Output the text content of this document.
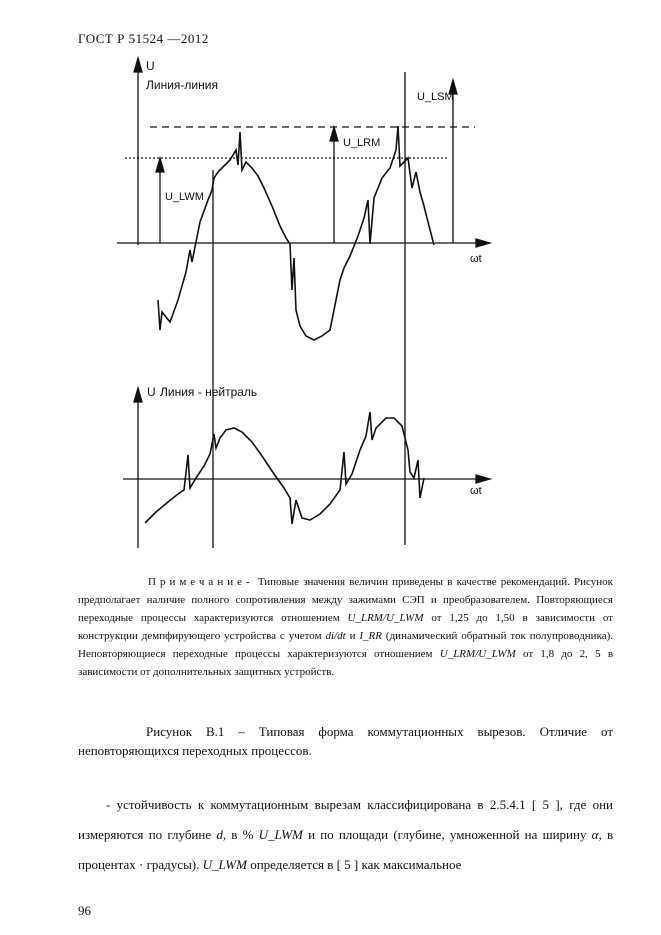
ГОСТ Р 51524 —2012
U
Линия-линия
ωt
U_LWM
U_LRM
U_LSM
U Линия - нейтраль
ωt
Примечание- Типовые значения величин приведены в качестве рекомендаций. Рисунок предполагает наличие полного сопротивления между зажимами СЭП и преобразователем. Повторяющиеся переходные процессы характеризуются отношением U_LRM/U_LWM от 1,25 до 1,50 в зависимости от конструкции демпфирующего устройства с учетом di/dt и I_RR (динамический обратный ток полупроводника). Неповторяющиеся переходные процессы характеризуются отношением U_LRM/U_LWM от 1,8 до 2, 5 в зависимости от дополнительных защитных устройств.
Рисунок В.1 – Типовая форма коммутационных вырезов. Отличие от неповторяющихся переходных процессов.
- устойчивость к коммутационным вырезам классифицирована в 2.5.4.1 [ 5 ], где они измеряются по глубине d, в % U_LWM и по площади (глубине, умноженной на ширину α, в процентах · градусы). U_LWM определяется в [ 5 ] как максимальное
96
